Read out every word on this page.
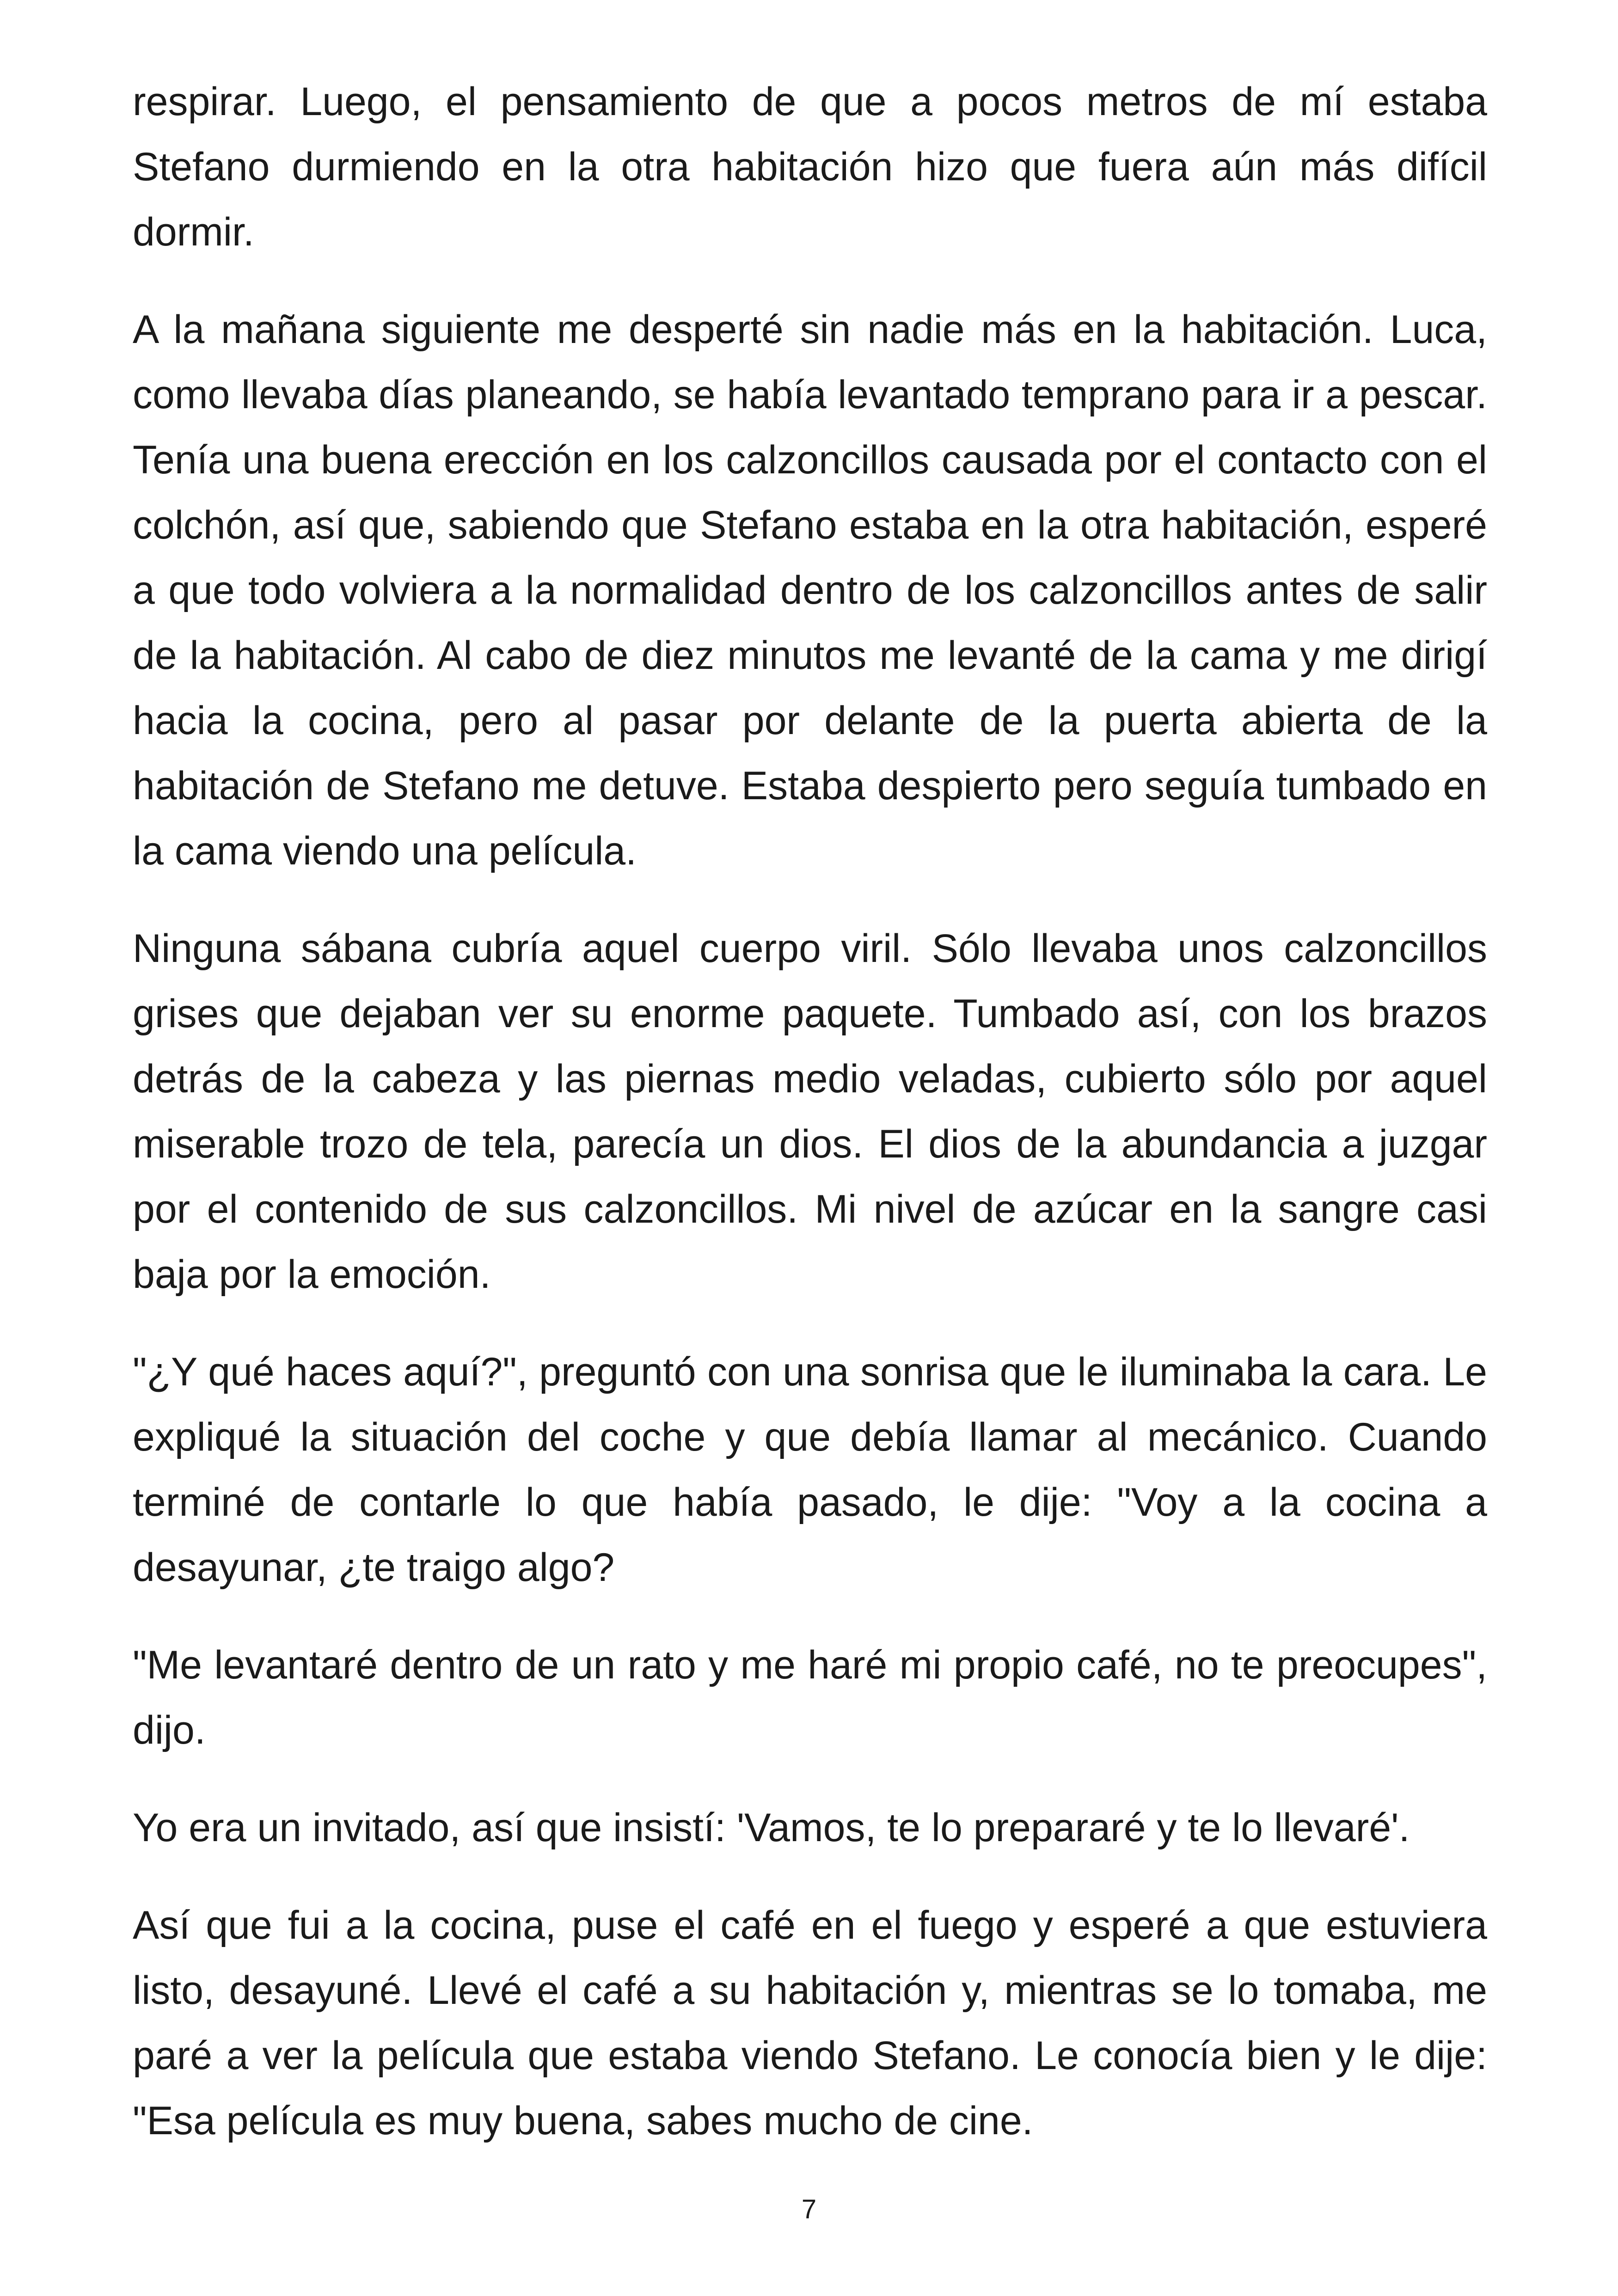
respirar. Luego, el pensamiento de que a pocos metros de mí estaba Stefano durmiendo en la otra habitación hizo que fuera aún más difícil dormir.

A la mañana siguiente me desperté sin nadie más en la habitación. Luca, como llevaba días planeando, se había levantado temprano para ir a pescar. Tenía una buena erección en los calzoncillos causada por el contacto con el colchón, así que, sabiendo que Stefano estaba en la otra habitación, esperé a que todo volviera a la normalidad dentro de los calzoncillos antes de salir de la habitación. Al cabo de diez minutos me levanté de la cama y me dirigí hacia la cocina, pero al pasar por delante de la puerta abierta de la habitación de Stefano me detuve. Estaba despierto pero seguía tumbado en la cama viendo una película.

Ninguna sábana cubría aquel cuerpo viril. Sólo llevaba unos calzoncillos grises que dejaban ver su enorme paquete. Tumbado así, con los brazos detrás de la cabeza y las piernas medio veladas, cubierto sólo por aquel miserable trozo de tela, parecía un dios. El dios de la abundancia a juzgar por el contenido de sus calzoncillos. Mi nivel de azúcar en la sangre casi baja por la emoción.

"¿Y qué haces aquí?", preguntó con una sonrisa que le iluminaba la cara. Le expliqué la situación del coche y que debía llamar al mecánico. Cuando terminé de contarle lo que había pasado, le dije: "Voy a la cocina a desayunar, ¿te traigo algo?

"Me levantaré dentro de un rato y me haré mi propio café, no te preocupes", dijo.

Yo era un invitado, así que insistí: 'Vamos, te lo prepararé y te lo llevaré'.

Así que fui a la cocina, puse el café en el fuego y esperé a que estuviera listo, desayuné. Llevé el café a su habitación y, mientras se lo tomaba, me paré a ver la película que estaba viendo Stefano. Le conocía bien y le dije: "Esa película es muy buena, sabes mucho de cine.

7
